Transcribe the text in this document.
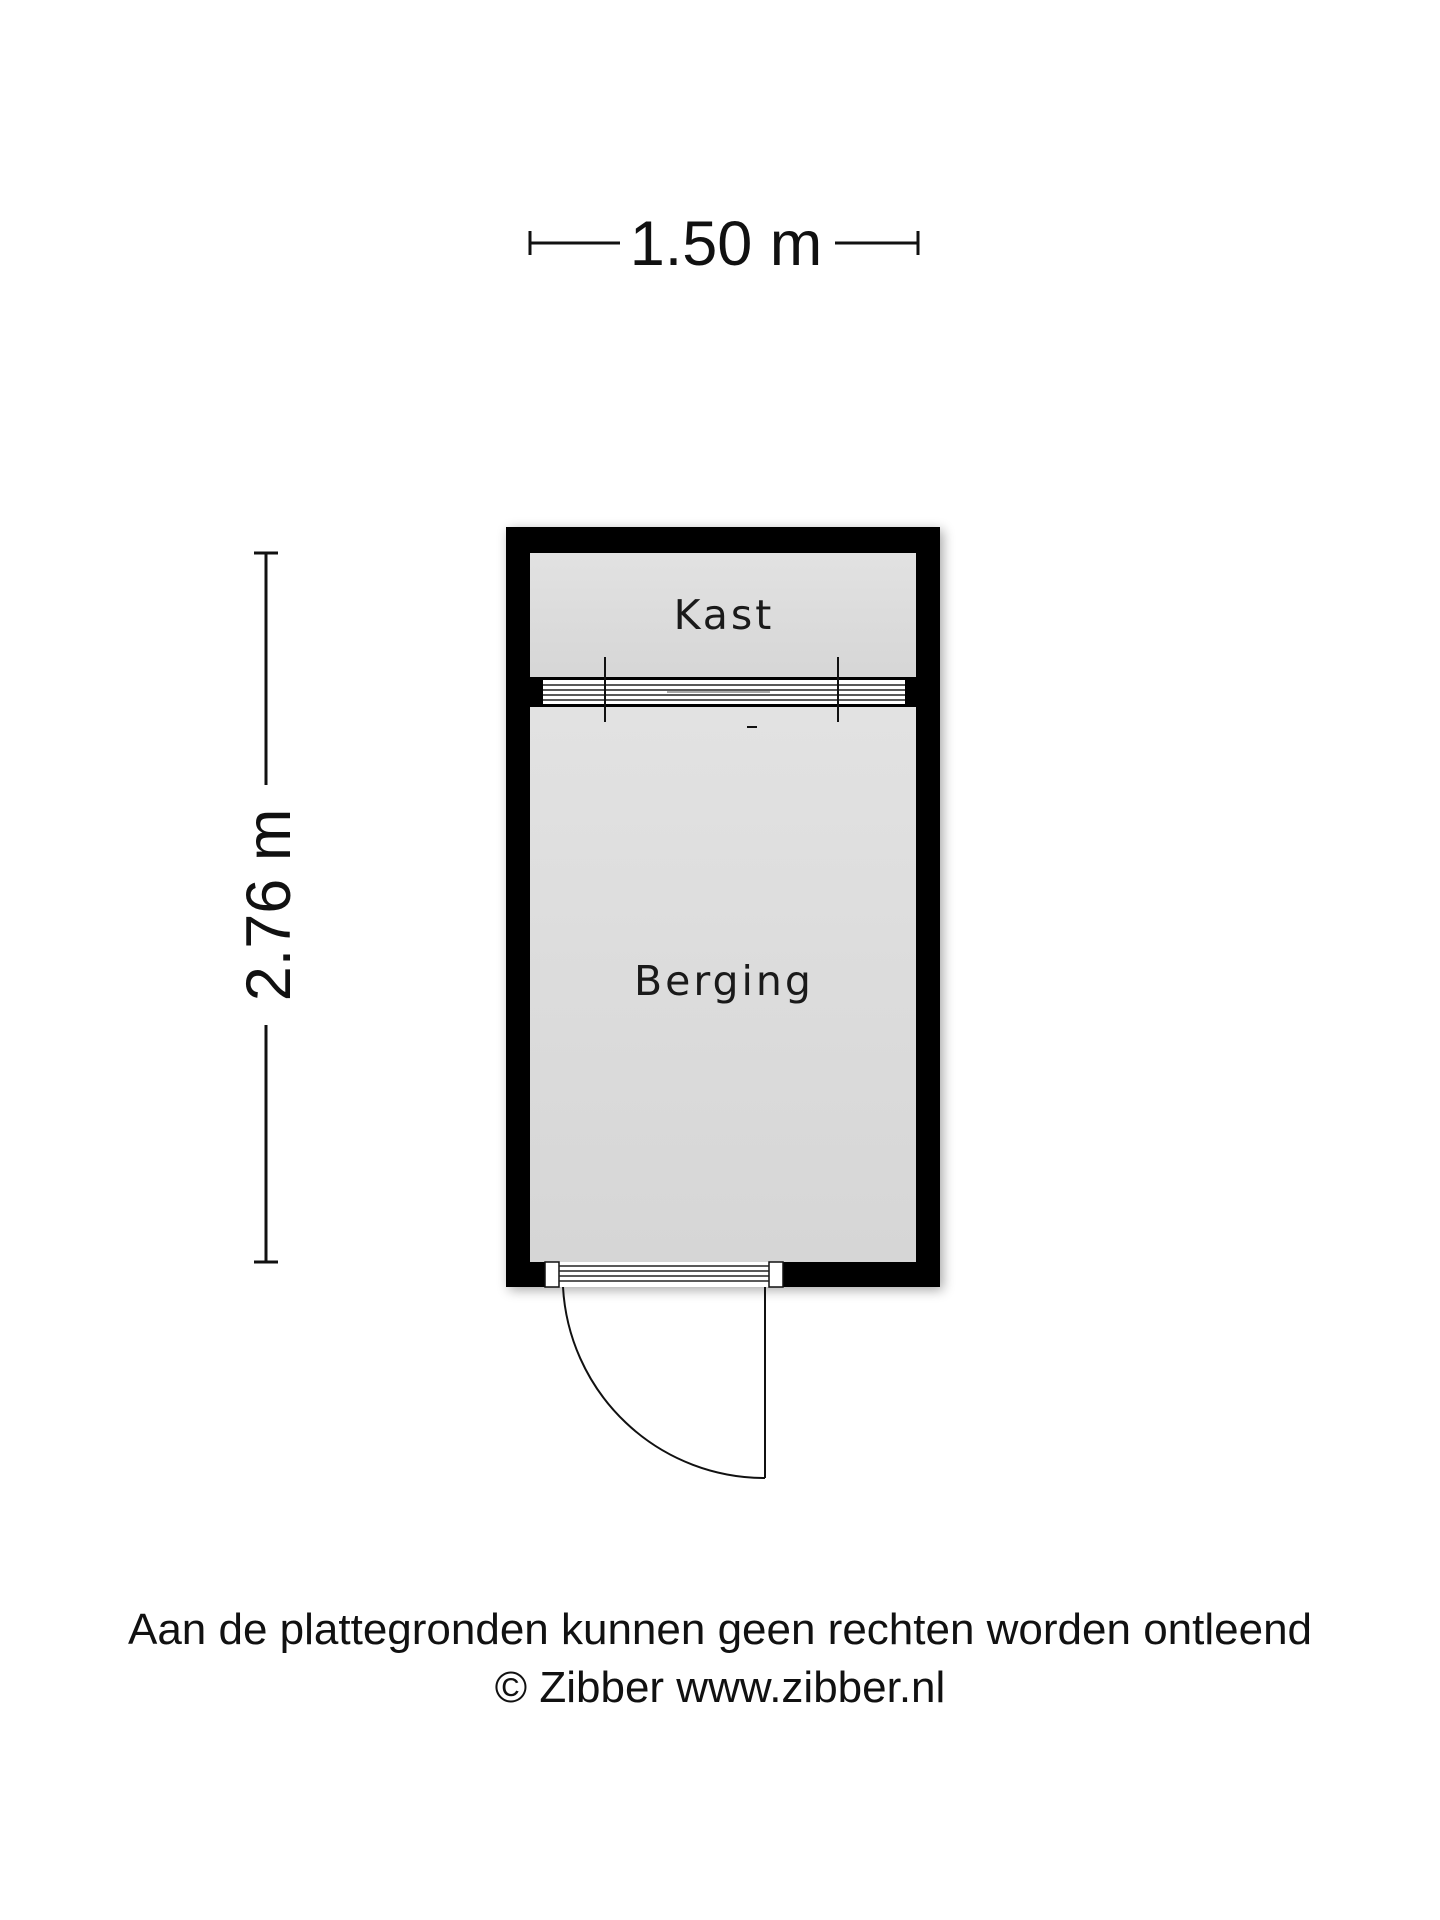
1.50 m
2.76 m
Kast
Berging
Aan de plattegronden kunnen geen rechten worden ontleend
© Zibber www.zibber.nl
